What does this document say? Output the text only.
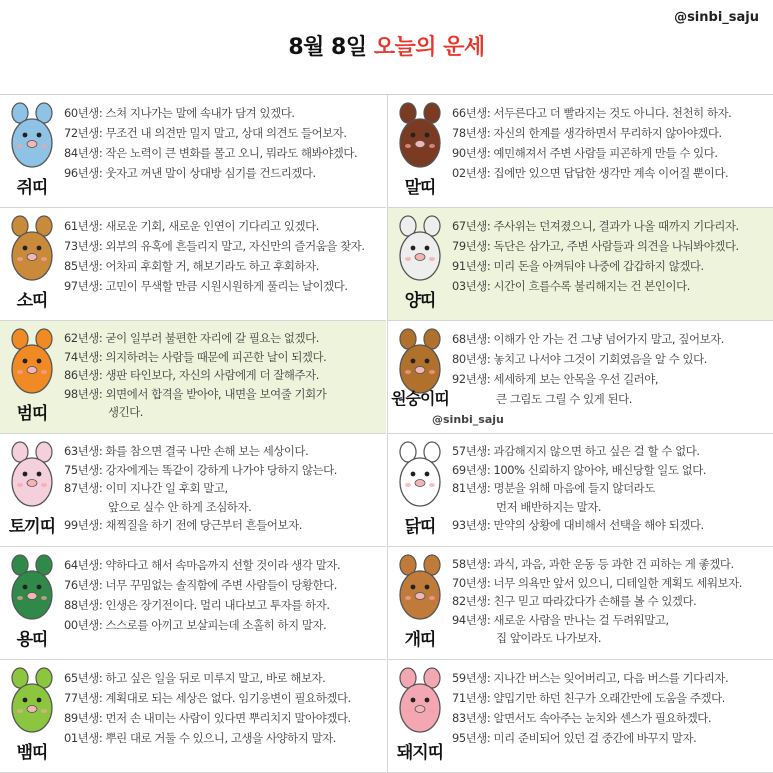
@sinbi_saju
8월 8일 오늘의 운세
쥐띠
60년생: 스쳐 지나가는 말에 속내가 담겨 있겠다.
72년생: 무조건 내 의견만 밀지 말고, 상대 의견도 들어보자.
84년생: 작은 노력이 큰 변화를 몰고 오니, 뭐라도 해봐야겠다.
96년생: 웃자고 꺼낸 말이 상대방 심기를 건드리겠다.
말띠
66년생: 서두른다고 더 빨라지는 것도 아니다. 천천히 하자.
78년생: 자신의 한계를 생각하면서 무리하지 않아야겠다.
90년생: 예민해져서 주변 사람들 피곤하게 만들 수 있다.
02년생: 집에만 있으면 답답한 생각만 계속 이어질 뿐이다.
소띠
61년생: 새로운 기회, 새로운 인연이 기다리고 있겠다.
73년생: 외부의 유혹에 흔들리지 말고, 자신만의 즐거움을 찾자.
85년생: 어차피 후회할 거, 해보기라도 하고 후회하자.
97년생: 고민이 무색할 만큼 시원시원하게 풀리는 날이겠다.
양띠
67년생: 주사위는 던져졌으니, 결과가 나올 때까지 기다리자.
79년생: 독단은 삼가고, 주변 사람들과 의견을 나눠봐야겠다.
91년생: 미리 돈을 아껴둬야 나중에 갑갑하지 않겠다.
03년생: 시간이 흐를수록 불리해지는 건 본인이다.
범띠
62년생: 굳이 일부러 불편한 자리에 갈 필요는 없겠다.
74년생: 의지하려는 사람들 때문에 피곤한 날이 되겠다.
86년생: 생판 타인보다, 자신의 사람에게 더 잘해주자.
98년생: 외면에서 합격을 받아야, 내면을 보여줄 기회가
생긴다.
원숭이띠
68년생: 이해가 안 가는 건 그냥 넘어가지 말고, 짚어보자.
80년생: 놓치고 나서야 그것이 기회였음을 알 수 있다.
92년생: 세세하게 보는 안목을 우선 길러야,
큰 그림도 그릴 수 있게 된다.
@sinbi_saju
토끼띠
63년생: 화를 참으면 결국 나만 손해 보는 세상이다.
75년생: 강자에게는 똑같이 강하게 나가야 당하지 않는다.
87년생: 이미 지나간 일 후회 말고,
앞으로 실수 안 하게 조심하자.
99년생: 채찍질을 하기 전에 당근부터 흔들어보자.	닭띠
57년생: 과감해지지 않으면 하고 싶은 걸 할 수 없다.
69년생: 100% 신뢰하지 않아야, 배신당할 일도 없다.
81년생: 명분을 위해 마음에 들지 않더라도
먼저 배반하지는 말자.
93년생: 만약의 상황에 대비해서 선택을 해야 되겠다.
용띠
64년생: 약하다고 해서 속마음까지 선할 것이라 생각 말자.
76년생: 너무 꾸밈없는 솔직함에 주변 사람들이 당황한다.
88년생: 인생은 장기전이다. 멀리 내다보고 투자를 하자.
00년생: 스스로를 아끼고 보살피는데 소홀히 하지 말자.
개띠
58년생: 과식, 과음, 과한 운동 등 과한 건 피하는 게 좋겠다.
70년생: 너무 의욕만 앞서 있으니, 디테일한 계획도 세워보자.
82년생: 친구 믿고 따라갔다가 손해를 볼 수 있겠다.
94년생: 새로운 사람을 만나는 걸 두려워말고,
집 앞이라도 나가보자.
뱀띠
65년생: 하고 싶은 일을 뒤로 미루지 말고, 바로 해보자.
77년생: 계획대로 되는 세상은 없다. 임기응변이 필요하겠다.
89년생: 먼저 손 내미는 사람이 있다면 뿌리치지 말아야겠다.
01년생: 뿌린 대로 거둘 수 있으니, 고생을 사양하지 말자.
돼지띠
59년생: 지나간 버스는 잊어버리고, 다음 버스를 기다리자.
71년생: 얄밉기만 하던 친구가 오래간만에 도움을 주겠다.
83년생: 알면서도 속아주는 눈치와 센스가 필요하겠다.
95년생: 미리 준비되어 있던 걸 중간에 바꾸지 말자.
